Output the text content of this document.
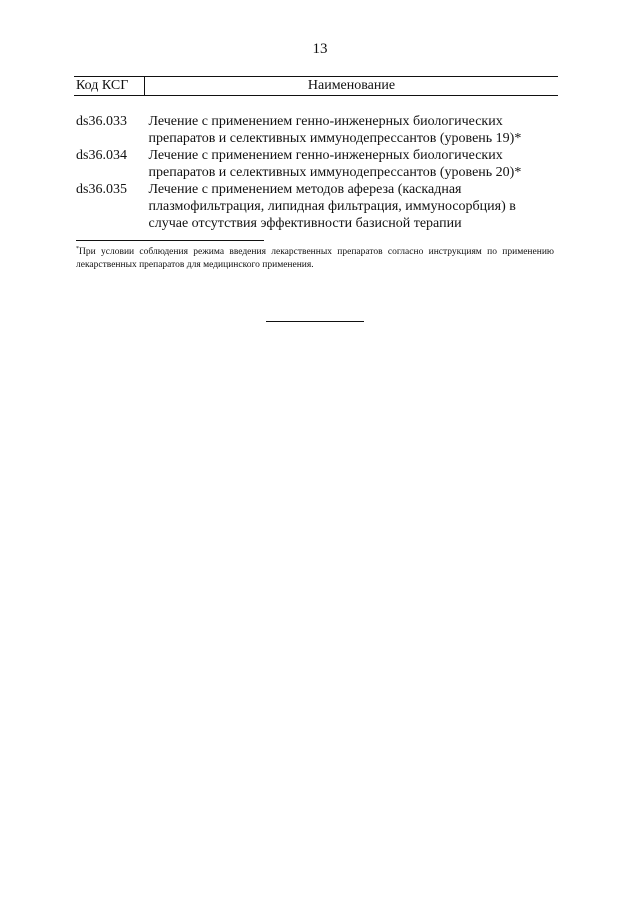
13
Код КСГ	Наименование

ds36.033	Лечение с применением генно-инженерных биологических препаратов и селективных иммунодепрессантов (уровень 19)*
ds36.034	Лечение с применением генно-инженерных биологических препаратов и селективных иммунодепрессантов (уровень 20)*
ds36.035	Лечение с применением методов афереза (каскадная плазмофильтрация, липидная фильтрация, иммуносорбция) в случае отсутствия эффективности базисной терапии
*При условии соблюдения режима введения лекарственных препаратов согласно инструкциям по применению лекарственных препаратов для медицинского применения.
